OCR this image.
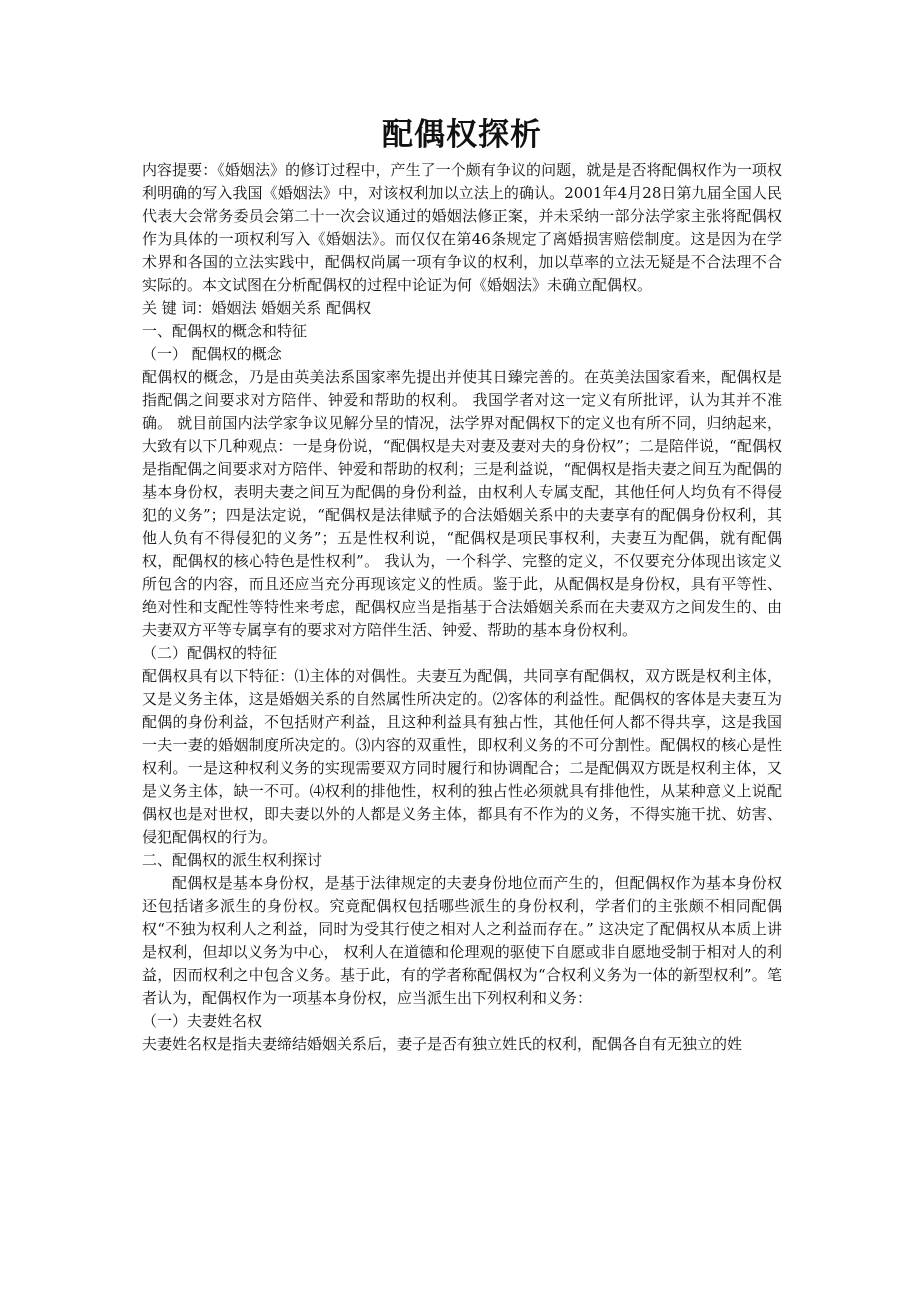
配偶权探析

内容提要：《婚姻法》的修订过程中，产生了一个颇有争议的问题，就是是否将配偶权作为一项权利明确的写入我国《婚姻法》中，对该权利加以立法上的确认。2001年4月28日第九届全国人民代表大会常务委员会第二十一次会议通过的婚姻法修正案，并未采纳一部分法学家主张将配偶权作为具体的一项权利写入《婚姻法》。而仅仅在第46条规定了离婚损害赔偿制度。这是因为在学术界和各国的立法实践中，配偶权尚属一项有争议的权利，加以草率的立法无疑是不合法理不合实际的。本文试图在分析配偶权的过程中论证为何《婚姻法》未确立配偶权。

关 键 词：婚姻法 婚姻关系 配偶权

一、配偶权的概念和特征

（一） 配偶权的概念

配偶权的概念，乃是由英美法系国家率先提出并使其日臻完善的。在英美法国家看来，配偶权是指配偶之间要求对方陪伴、钟爱和帮助的权利。 我国学者对这一定义有所批评，认为其并不准确。 就目前国内法学家争议见解分呈的情况，法学界对配偶权下的定义也有所不同，归纳起来，大致有以下几种观点：一是身份说，“配偶权是夫对妻及妻对夫的身份权”；二是陪伴说，“配偶权是指配偶之间要求对方陪伴、钟爱和帮助的权利；三是利益说，“配偶权是指夫妻之间互为配偶的基本身份权，表明夫妻之间互为配偶的身份利益，由权利人专属支配，其他任何人均负有不得侵犯的义务”；四是法定说，“配偶权是法律赋予的合法婚姻关系中的夫妻享有的配偶身份权利，其他人负有不得侵犯的义务”；五是性权利说，“配偶权是项民事权利，夫妻互为配偶，就有配偶权，配偶权的核心特色是性权利”。 我认为，一个科学、完整的定义，不仅要充分体现出该定义所包含的内容，而且还应当充分再现该定义的性质。鉴于此，从配偶权是身份权，具有平等性、绝对性和支配性等特性来考虑，配偶权应当是指基于合法婚姻关系而在夫妻双方之间发生的、由夫妻双方平等专属享有的要求对方陪伴生活、钟爱、帮助的基本身份权利。

（二）配偶权的特征

配偶权具有以下特征：⑴主体的对偶性。夫妻互为配偶，共同享有配偶权，双方既是权利主体，又是义务主体，这是婚姻关系的自然属性所决定的。⑵客体的利益性。配偶权的客体是夫妻互为配偶的身份利益，不包括财产利益，且这种利益具有独占性，其他任何人都不得共享，这是我国一夫一妻的婚姻制度所决定的。⑶内容的双重性，即权利义务的不可分割性。配偶权的核心是性权利。一是这种权利义务的实现需要双方同时履行和协调配合；二是配偶双方既是权利主体，又是义务主体，缺一不可。⑷权利的排他性，权利的独占性必须就具有排他性，从某种意义上说配偶权也是对世权，即夫妻以外的人都是义务主体，都具有不作为的义务，不得实施干扰、妨害、侵犯配偶权的行为。

二、配偶权的派生权利探讨

配偶权是基本身份权，是基于法律规定的夫妻身份地位而产生的，但配偶权作为基本身份权还包括诸多派生的身份权。究竟配偶权包括哪些派生的身份权利，学者们的主张颇不相同配偶权“不独为权利人之利益，同时为受其行使之相对人之利益而存在。” 这决定了配偶权从本质上讲是权利，但却以义务为中心， 权利人在道德和伦理观的驱使下自愿或非自愿地受制于相对人的利益，因而权利之中包含义务。基于此，有的学者称配偶权为“合权利义务为一体的新型权利”。笔者认为，配偶权作为一项基本身份权，应当派生出下列权利和义务：

（一）夫妻姓名权

夫妻姓名权是指夫妻缔结婚姻关系后，妻子是否有独立姓氏的权利，配偶各自有无独立的姓
